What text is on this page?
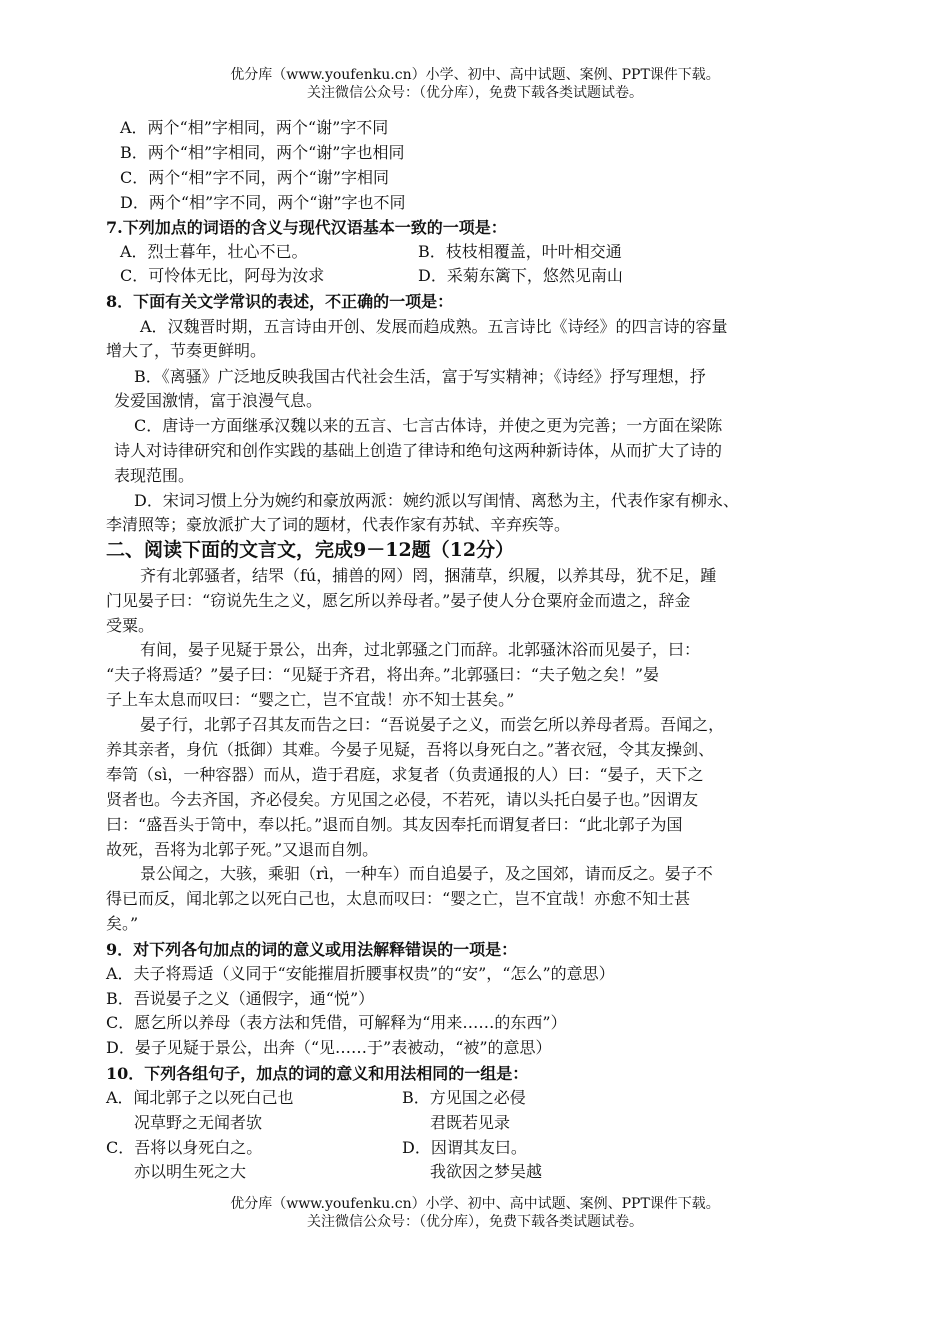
优分库（www.youfenku.cn）小学、初中、高中试题、案例、PPT课件下载。
关注微信公众号：（优分库），免费下载各类试题试卷。
A．两个“相”字相同，两个“谢”字不同
B．两个“相”字相同，两个“谢”字也相同
C．两个“相”字不同，两个“谢”字相同
D．两个“相”字不同，两个“谢”字也不同
7.下列加点的词语的含义与现代汉语基本一致的一项是：
A．烈士暮年，壮心不已。	B．枝枝相覆盖，叶叶相交通
C．可怜体无比，阿母为汝求	D．采菊东篱下，悠然见南山
8．下面有关文学常识的表述，不正确的一项是：
A．汉魏晋时期，五言诗由开创、发展而趋成熟。五言诗比《诗经》的四言诗的容量
增大了，节奏更鲜明。
B．《离骚》广泛地反映我国古代社会生活，富于写实精神；《诗经》抒写理想，抒
发爱国激情，富于浪漫气息。
C．唐诗一方面继承汉魏以来的五言、七言古体诗，并使之更为完善；一方面在梁陈
诗人对诗律研究和创作实践的基础上创造了律诗和绝句这两种新诗体，从而扩大了诗的
表现范围。
D．宋词习惯上分为婉约和豪放两派：婉约派以写闺情、离愁为主，代表作家有柳永、
李清照等；豪放派扩大了词的题材，代表作家有苏轼、辛弃疾等。
二、阅读下面的文言文，完成9－12题（12分）
齐有北郭骚者，结罘（fú，捕兽的网）罔，捆蒲草，织履，以养其母，犹不足，踵
门见晏子曰：“窃说先生之义，愿乞所以养母者。”晏子使人分仓粟府金而遗之，辞金
受粟。
有间，晏子见疑于景公，出奔，过北郭骚之门而辞。北郭骚沐浴而见晏子，曰：
“夫子将焉适？”晏子曰：“见疑于齐君，将出奔。”北郭骚曰：“夫子勉之矣！”晏
子上车太息而叹曰：“婴之亡，岂不宜哉！亦不知士甚矣。”
晏子行，北郭子召其友而告之曰：“吾说晏子之义，而尝乞所以养母者焉。吾闻之，
养其亲者，身伉（抵御）其难。今晏子见疑，吾将以身死白之。”著衣冠，令其友操剑、
奉笥（sì，一种容器）而从，造于君庭，求复者（负责通报的人）曰：“晏子，天下之
贤者也。今去齐国，齐必侵矣。方见国之必侵，不若死，请以头托白晏子也。”因谓友
曰：“盛吾头于笥中，奉以托。”退而自刎。其友因奉托而谓复者曰：“此北郭子为国
故死，吾将为北郭子死。”又退而自刎。
景公闻之，大骇，乘驲（rì，一种车）而自追晏子，及之国郊，请而反之。晏子不
得已而反，闻北郭之以死白己也，太息而叹曰：“婴之亡，岂不宜哉！亦愈不知士甚
矣。”
9．对下列各句加点的词的意义或用法解释错误的一项是：
A．夫子将焉适（义同于“安能摧眉折腰事权贵”的“安”，“怎么”的意思）
B．吾说晏子之义（通假字，通“悦”）
C．愿乞所以养母（表方法和凭借，可解释为“用来……的东西”）
D．晏子见疑于景公，出奔（“见……于”表被动，“被”的意思）
10．下列各组句子，加点的词的意义和用法相同的一组是：
A．闻北郭子之以死白己也	B．方见国之必侵
况草野之无闻者欤	君既若见录
C．吾将以身死白之。	D．因谓其友曰。
亦以明生死之大	我欲因之梦吴越
优分库（www.youfenku.cn）小学、初中、高中试题、案例、PPT课件下载。
关注微信公众号：（优分库），免费下载各类试题试卷。
